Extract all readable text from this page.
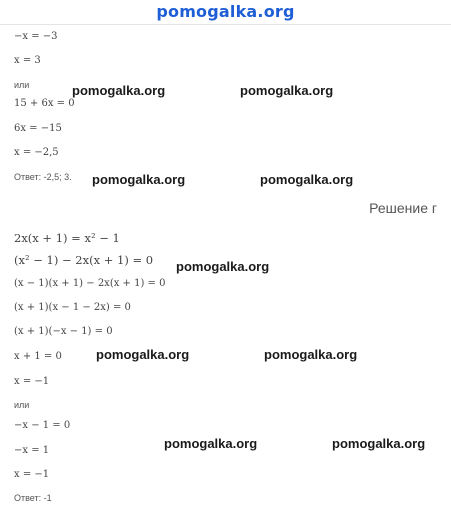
pomogalka.org
−x = −3
x = 3
или
15 + 6x = 0
6x = −15
x = −2,5
Ответ: -2,5; 3.
Решение г
2x(x + 1) = x² − 1
(x² − 1) − 2x(x + 1) = 0
(x − 1)(x + 1) − 2x(x + 1) = 0
(x + 1)(x − 1 − 2x) = 0
(x + 1)(−x − 1) = 0
x + 1 = 0
x = −1
или
−x − 1 = 0
−x = 1
x = −1
Ответ: -1
pomogalka.org	pomogalka.org
pomogalka.org	pomogalka.org
pomogalka.org
pomogalka.org	pomogalka.org
pomogalka.org	pomogalka.org
